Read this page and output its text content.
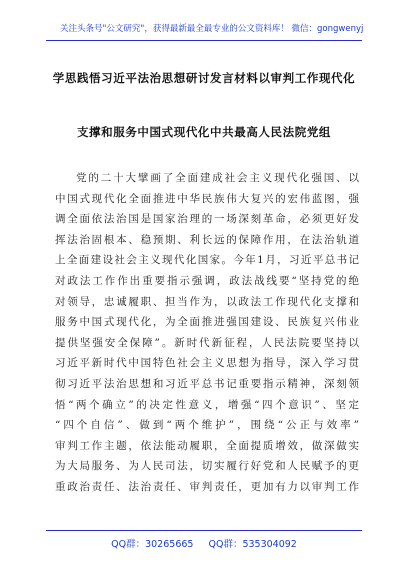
关注头条号"公文研究"，获得最新最全最专业的公文资料库！ 微信：gongwenyj
学思践悟习近平法治思想研讨发言材料以审判工作现代化
支撑和服务中国式现代化中共最高人民法院党组
党的二十大擘画了全面建成社会主义现代化强国、以
中国式现代化全面推进中华民族伟大复兴的宏伟蓝图，强
调全面依法治国是国家治理的一场深刻革命，必须更好发
挥法治固根本、稳预期、利长远的保障作用，在法治轨道
上全面建设社会主义现代化国家。今年1月，习近平总书记
对政法工作作出重要指示强调，政法战线要“坚持党的绝
对领导，忠诚履职、担当作为，以政法工作现代化支撑和
服务中国式现代化，为全面推进强国建设、民族复兴伟业
提供坚强安全保障”。新时代新征程，人民法院要坚持以
习近平新时代中国特色社会主义思想为指导，深入学习贯
彻习近平法治思想和习近平总书记重要指示精神，深刻领
悟“两个确立”的决定性意义，增强“四个意识”、坚定
“四个自信”、做到“两个维护”，围绕“公正与效率”
审判工作主题，依法能动履职，全面提质增效，做深做实
为大局服务、为人民司法，切实履行好党和人民赋予的更
重政治责任、法治责任、审判责任，更加有力以审判工作
QQ群：30265665 QQ群：535304092
